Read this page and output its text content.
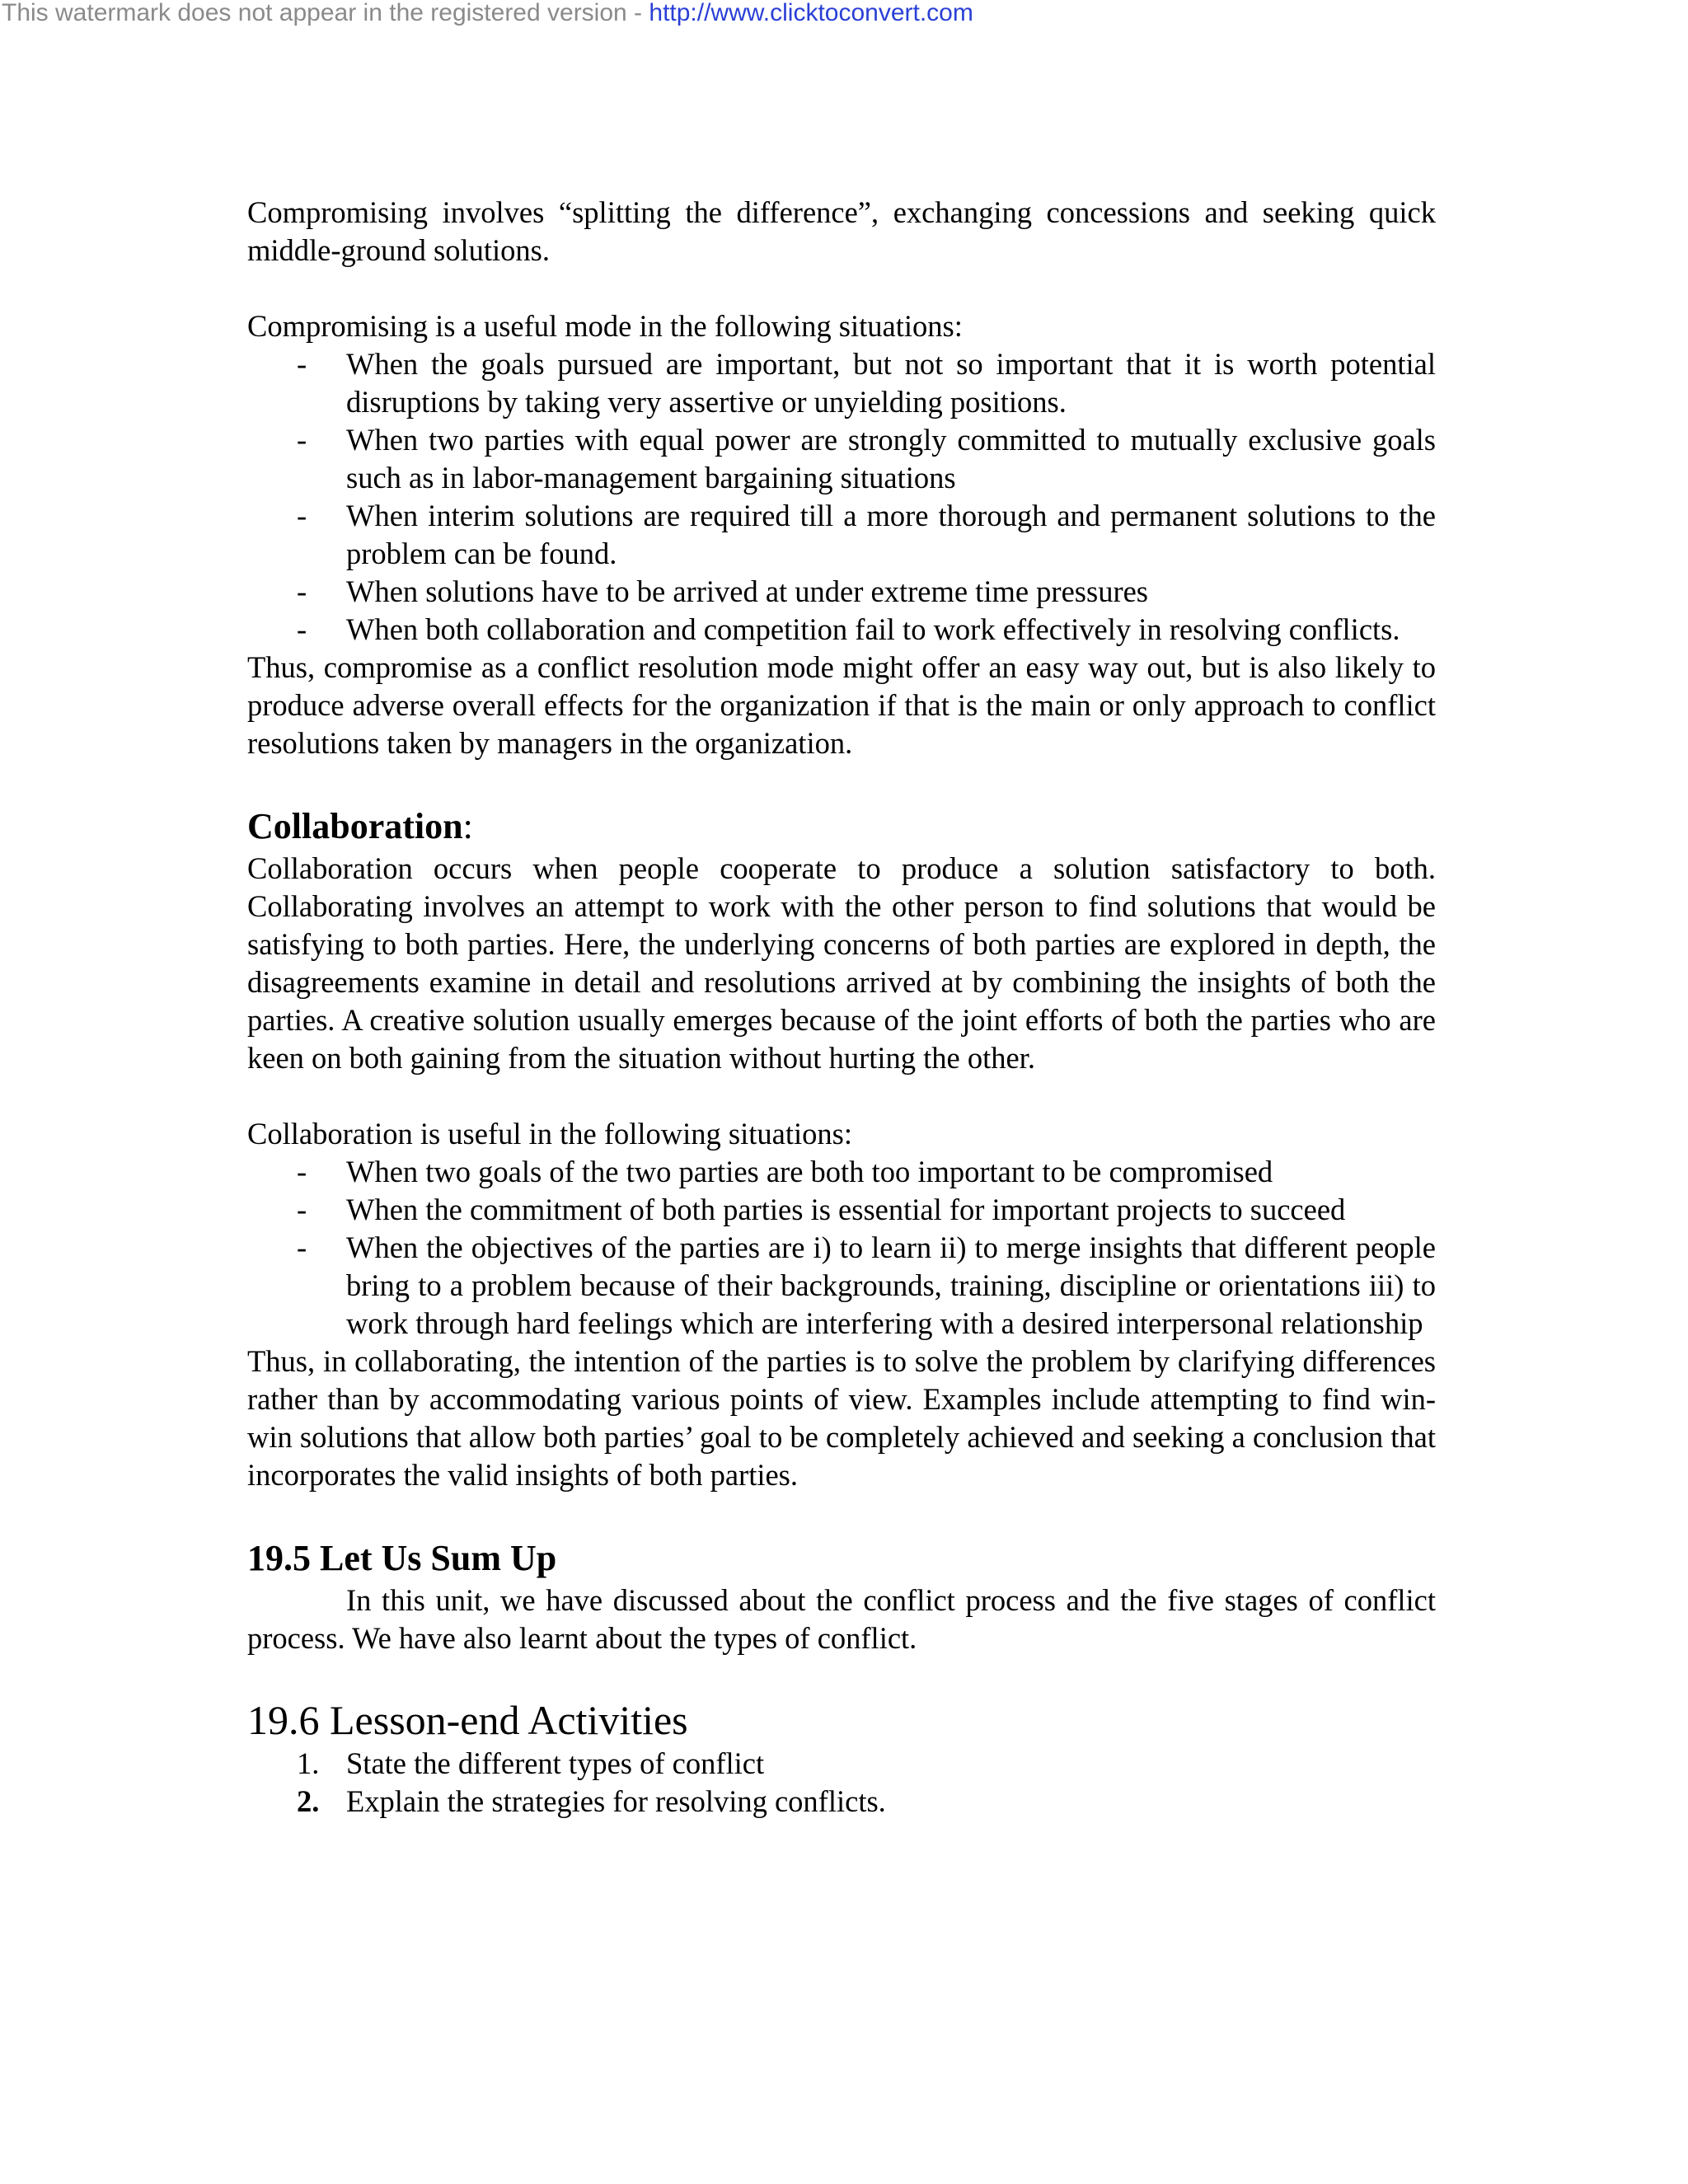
This watermark does not appear in the registered version - http://www.clicktoconvert.com

Compromising involves “splitting the difference”, exchanging concessions and seeking quick middle-ground solutions.

Compromising is a useful mode in the following situations:

- When the goals pursued are important, but not so important that it is worth potential disruptions by taking very assertive or unyielding positions.
- When two parties with equal power are strongly committed to mutually exclusive goals such as in labor-management bargaining situations
- When interim solutions are required till a more thorough and permanent solutions to the problem can be found.
- When solutions have to be arrived at under extreme time pressures
- When both collaboration and competition fail to work effectively in resolving conflicts.

Thus, compromise as a conflict resolution mode might offer an easy way out, but is also likely to produce adverse overall effects for the organization if that is the main or only approach to conflict resolutions taken by managers in the organization.

Collaboration:

Collaboration occurs when people cooperate to produce a solution satisfactory to both. Collaborating involves an attempt to work with the other person to find solutions that would be satisfying to both parties. Here, the underlying concerns of both parties are explored in depth, the disagreements examine in detail and resolutions arrived at by combining the insights of both the parties. A creative solution usually emerges because of the joint efforts of both the parties who are keen on both gaining from the situation without hurting the other.

Collaboration is useful in the following situations:

- When two goals of the two parties are both too important to be compromised
- When the commitment of both parties is essential for important projects to succeed
- When the objectives of the parties are i) to learn ii) to merge insights that different people bring to a problem because of their backgrounds, training, discipline or orientations iii) to work through hard feelings which are interfering with a desired interpersonal relationship

Thus, in collaborating, the intention of the parties is to solve the problem by clarifying differences rather than by accommodating various points of view. Examples include attempting to find win-win solutions that allow both parties’ goal to be completely achieved and seeking a conclusion that incorporates the valid insights of both parties.

19.5 Let Us Sum Up

In this unit, we have discussed about the conflict process and the five stages of conflict process. We have also learnt about the types of conflict.

19.6 Lesson-end Activities
1. State the different types of conflict
2. Explain the strategies for resolving conflicts.
